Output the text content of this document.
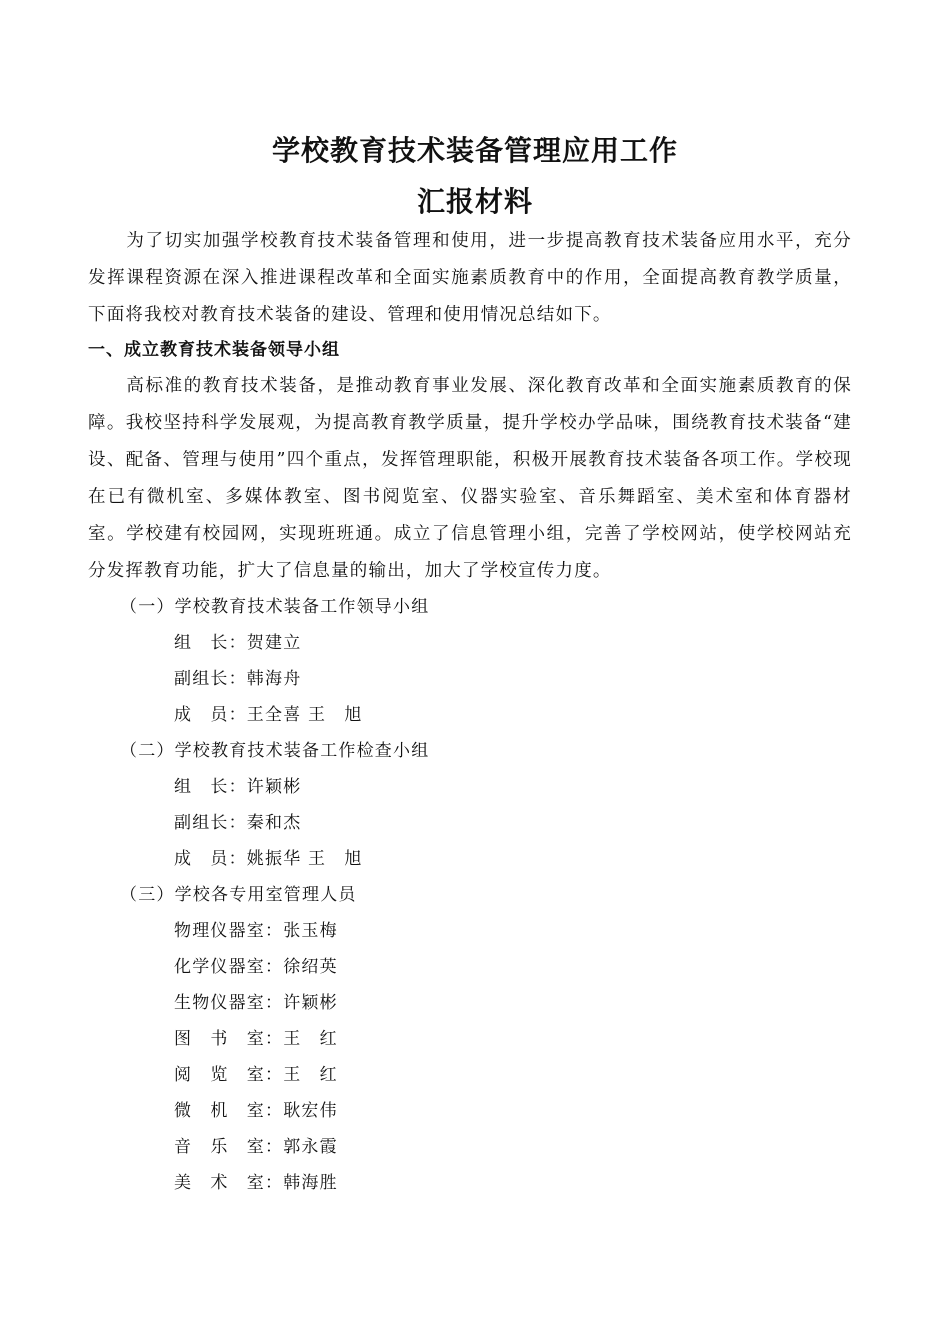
学校教育技术装备管理应用工作
汇报材料

为了切实加强学校教育技术装备管理和使用，进一步提高教育技术装备应用水平，充分发挥课程资源在深入推进课程改革和全面实施素质教育中的作用，全面提高教育教学质量，下面将我校对教育技术装备的建设、管理和使用情况总结如下。

一、成立教育技术装备领导小组

高标准的教育技术装备，是推动教育事业发展、深化教育改革和全面实施素质教育的保障。我校坚持科学发展观，为提高教育教学质量，提升学校办学品味，围绕教育技术装备“建设、配备、管理与使用”四个重点，发挥管理职能，积极开展教育技术装备各项工作。学校现在已有微机室、多媒体教室、图书阅览室、仪器实验室、音乐舞蹈室、美术室和体育器材室。学校建有校园网，实现班班通。成立了信息管理小组，完善了学校网站，使学校网站充分发挥教育功能，扩大了信息量的输出，加大了学校宣传力度。

（一）学校教育技术装备工作领导小组
组　长：贺建立
副组长：韩海舟
成　员：王全喜 王　旭
（二）学校教育技术装备工作检查小组
组　长：许颖彬
副组长：秦和杰
成　员：姚振华 王　旭
（三）学校各专用室管理人员
物理仪器室：张玉梅
化学仪器室：徐绍英
生物仪器室：许颖彬
图　书　室：王　红
阅　览　室：王　红
微　机　室：耿宏伟
音　乐　室：郭永霞
美　术　室：韩海胜
